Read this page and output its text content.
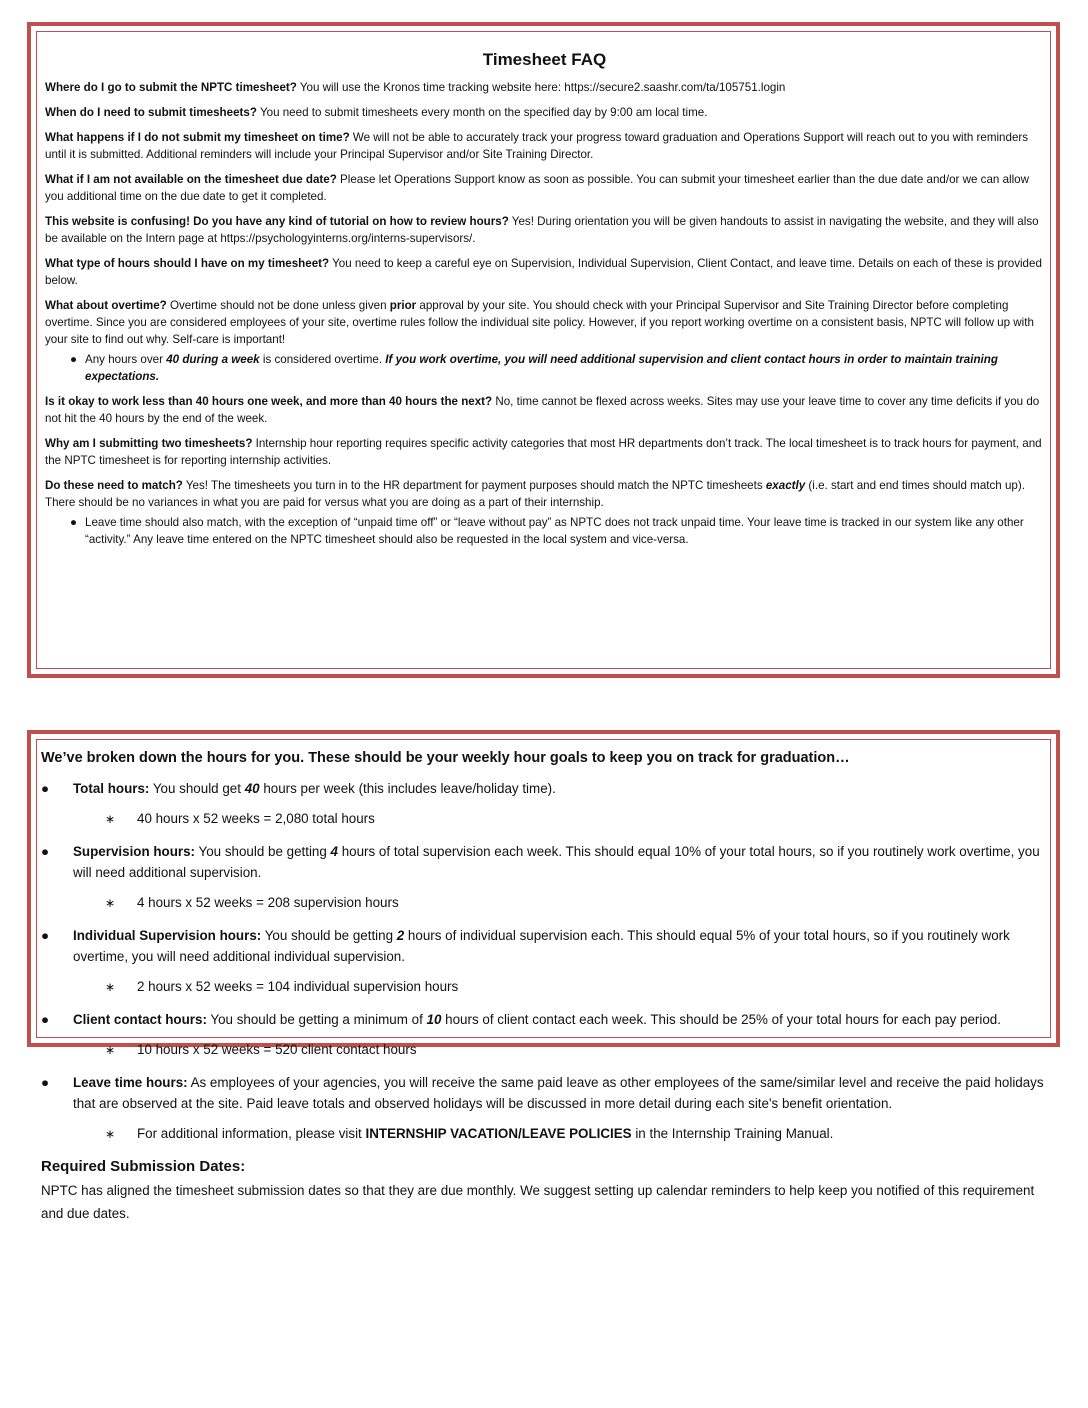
Timesheet FAQ

Where do I go to submit the NPTC timesheet? You will use the Kronos time tracking website here: https://secure2.saashr.com/ta/105751.login

When do I need to submit timesheets? You need to submit timesheets every month on the specified day by 9:00 am local time.

What happens if I do not submit my timesheet on time? We will not be able to accurately track your progress toward graduation and Operations Support will reach out to you with reminders until it is submitted. Additional reminders will include your Principal Supervisor and/or Site Training Director.

What if I am not available on the timesheet due date? Please let Operations Support know as soon as possible. You can submit your timesheet earlier than the due date and/or we can allow you additional time on the due date to get it completed.

This website is confusing! Do you have any kind of tutorial on how to review hours? Yes! During orientation you will be given handouts to assist in navigating the website, and they will also be available on the Intern page at https://psychologyinterns.org/interns-supervisors/.

What type of hours should I have on my timesheet? You need to keep a careful eye on Supervision, Individual Supervision, Client Contact, and leave time. Details on each of these is provided below.

What about overtime? Overtime should not be done unless given prior approval by your site. You should check with your Principal Supervisor and Site Training Director before completing overtime. Since you are considered employees of your site, overtime rules follow the individual site policy. However, if you report working overtime on a consistent basis, NPTC will follow up with your site to find out why. Self-care is important!

● Any hours over 40 during a week is considered overtime. If you work overtime, you will need additional supervision and client contact hours in order to maintain training expectations.

Is it okay to work less than 40 hours one week, and more than 40 hours the next? No, time cannot be flexed across weeks. Sites may use your leave time to cover any time deficits if you do not hit the 40 hours by the end of the week.

Why am I submitting two timesheets? Internship hour reporting requires specific activity categories that most HR departments don’t track. The local timesheet is to track hours for payment, and the NPTC timesheet is for reporting internship activities.

Do these need to match? Yes! The timesheets you turn in to the HR department for payment purposes should match the NPTC timesheets exactly (i.e. start and end times should match up). There should be no variances in what you are paid for versus what you are doing as a part of their internship.

● Leave time should also match, with the exception of “unpaid time off” or “leave without pay” as NPTC does not track unpaid time. Your leave time is tracked in our system like any other “activity.” Any leave time entered on the NPTC timesheet should also be requested in the local system and vice-versa.
We’ve broken down the hours for you. These should be your weekly hour goals to keep you on track for graduation…
●	Total hours: You should get 40 hours per week (this includes leave/holiday time).
∗	40 hours x 52 weeks = 2,080 total hours
●	Supervision hours: You should be getting 4 hours of total supervision each week. This should equal 10% of your total hours, so if you routinely work overtime, you will need additional supervision.
∗	4 hours x 52 weeks = 208 supervision hours
●	Individual Supervision hours: You should be getting 2 hours of individual supervision each. This should equal 5% of your total hours, so if you routinely work overtime, you will need additional individual supervision.
∗	2 hours x 52 weeks = 104 individual supervision hours
●	Client contact hours: You should be getting a minimum of 10 hours of client contact each week. This should be 25% of your total hours for each pay period.
∗	10 hours x 52 weeks = 520 client contact hours
●	Leave time hours: As employees of your agencies, you will receive the same paid leave as other employees of the same/similar level and receive the paid holidays that are observed at the site. Paid leave totals and observed holidays will be discussed in more detail during each site's benefit orientation.
∗	For additional information, please visit INTERNSHIP VACATION/LEAVE POLICIES in the Internship Training Manual.
Required Submission Dates:
NPTC has aligned the timesheet submission dates so that they are due monthly. We suggest setting up calendar reminders to help keep you notified of this requirement and due dates.
